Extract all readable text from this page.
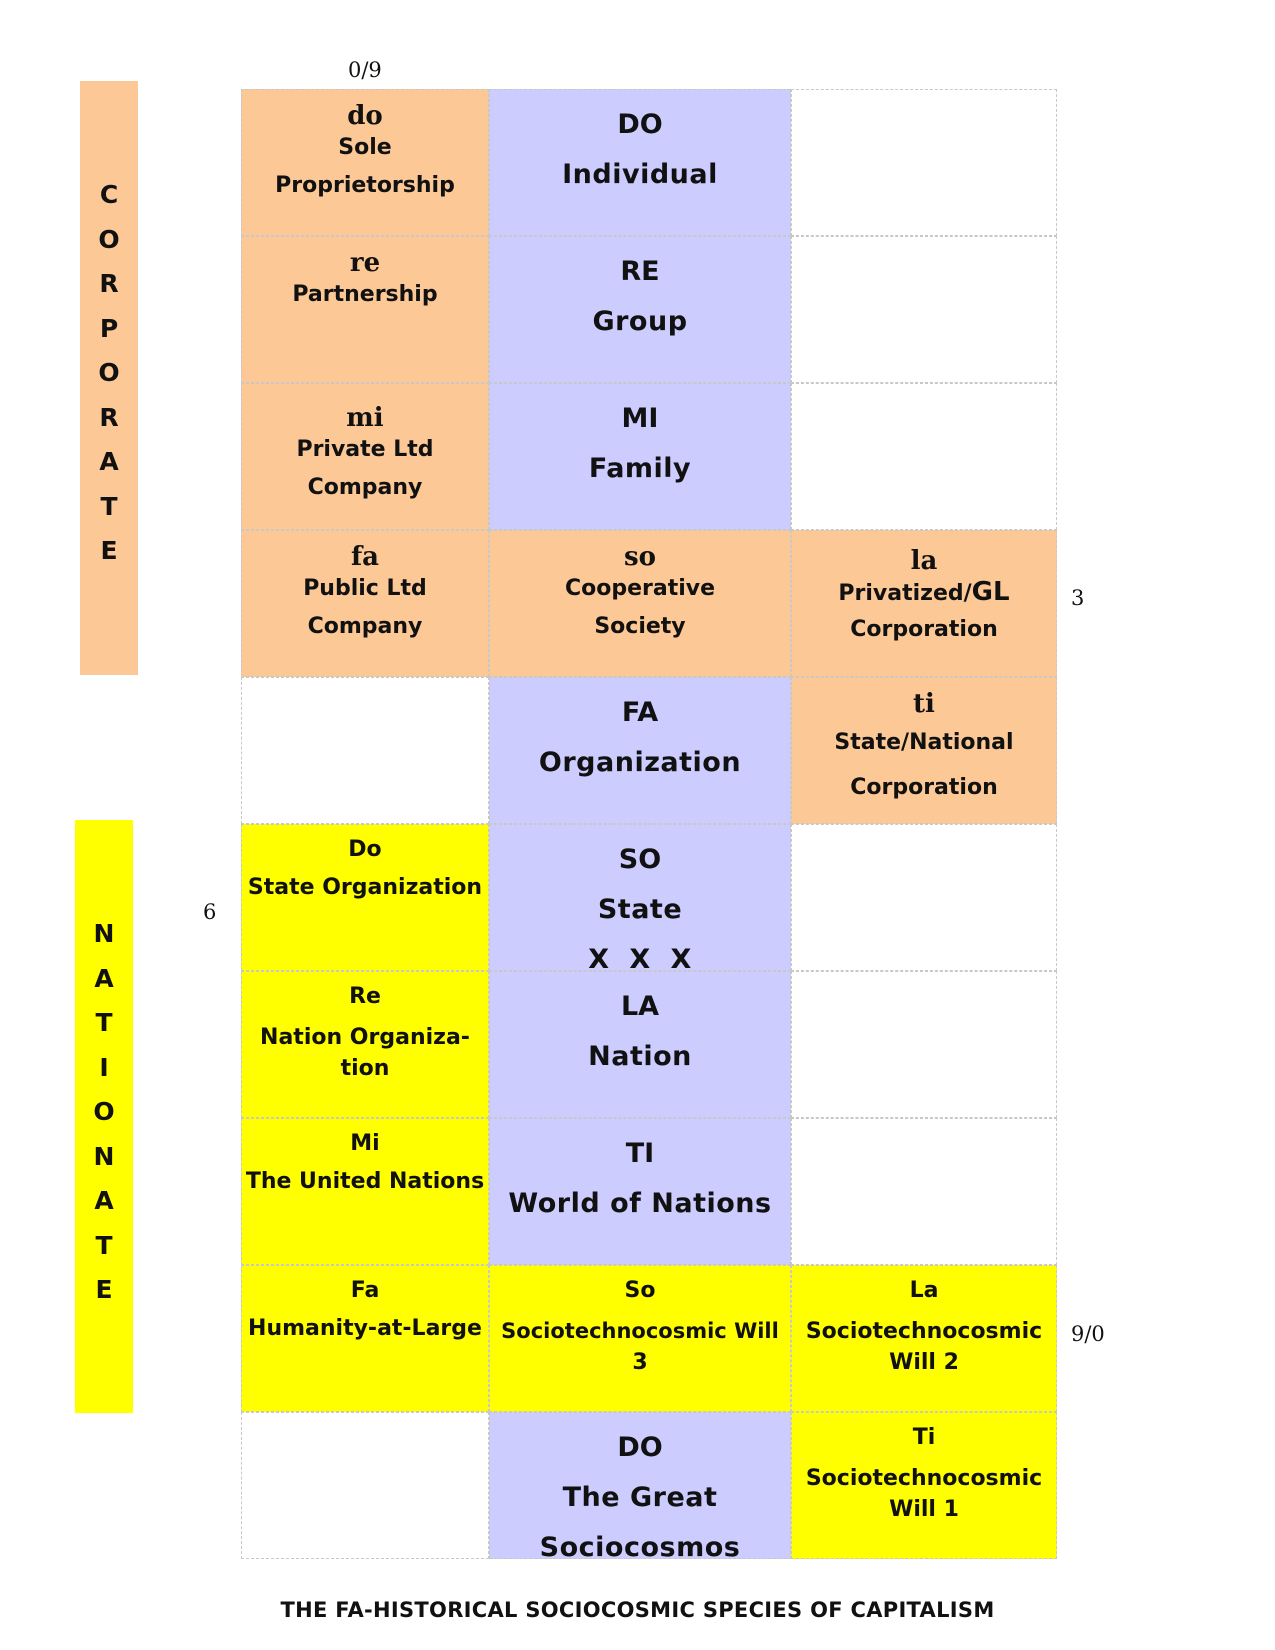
C
O
R
P
O
R
A
T
E
N
A
T
I
O
N
A
T
E
0/9
6
3
9/0
do
Sole
Proprietorship
DO
Individual
re
Partnership
RE
Group
mi
Private Ltd
Company
MI
Family
fa
Public Ltd
Company
so
Cooperative
Society
la
Privatized/GL
Corporation
FA
Organization
ti
State/National
Corporation
Do
State Organization
SO
State
X  X  X
Re
Nation Organiza-
tion
LA
Nation
Mi
The United Nations
TI
World of Nations
Fa
Humanity-at-Large
So
Sociotechnocosmic Will
3
La
Sociotechnocosmic
Will 2
DO
The Great
Sociocosmos
Ti
Sociotechnocosmic
Will 1
THE FA-HISTORICAL SOCIOCOSMIC SPECIES OF CAPITALISM
